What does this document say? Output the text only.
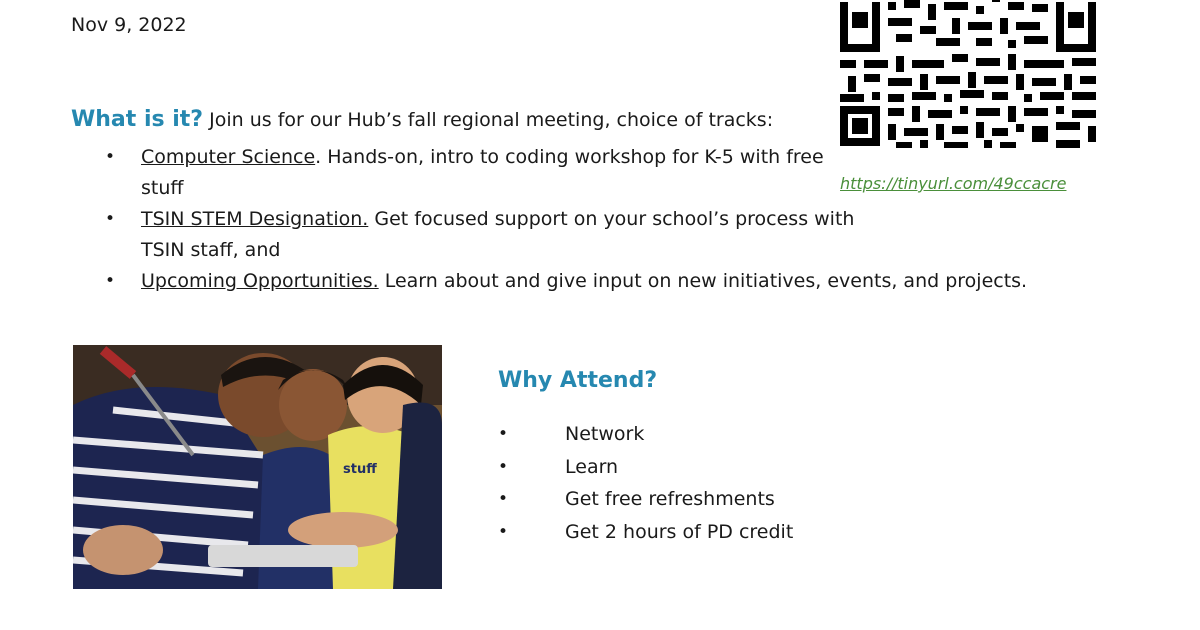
Nov 9, 2022
https://tinyurl.com/49ccacre
What is it? Join us for our Hub’s fall regional meeting, choice of tracks:
• Computer Science. Hands-on, intro to coding workshop for K-5 with free stuff
• TSIN STEM Designation. Get focused support on your school’s process with TSIN staff, and
• Upcoming Opportunities. Learn about and give input on new initiatives, events, and projects.
stuff
Why Attend?
•	Network
•	Learn
•	Get free refreshments
•	Get 2 hours of PD credit
